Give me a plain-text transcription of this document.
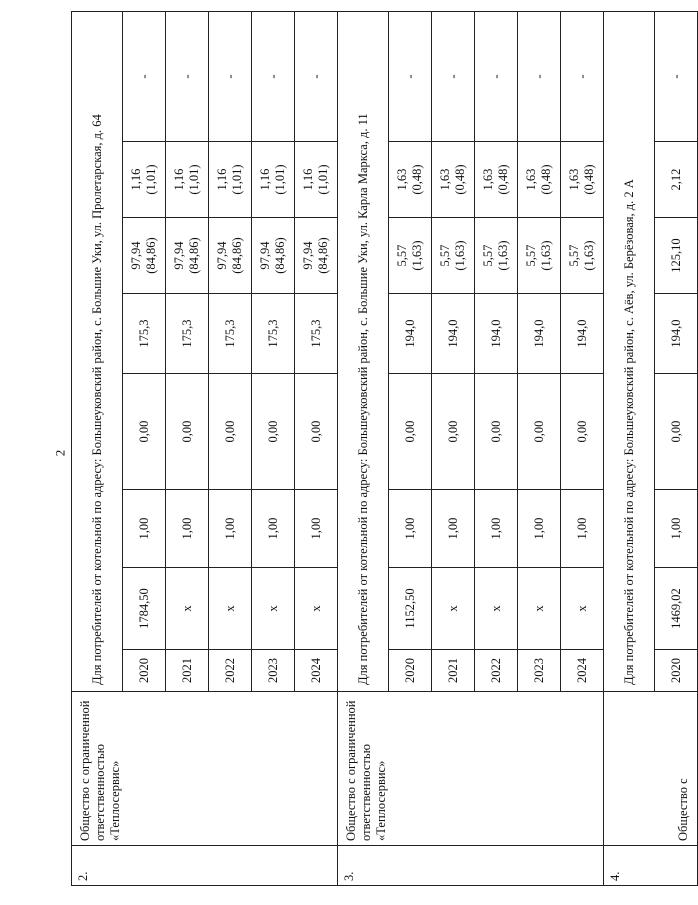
2
2.	Общество с ограниченной ответственностью «Теплосервис»	Для потребителей от котельной по адресу: Большеуковский район, с. Большие Уки, ул. Пролетарская, д. 64							
		2020	1784,50	1,00	0,00	175,3	97,94 (84,86)	1,16 (1,01)	-
		2021	x	1,00	0,00	175,3	97,94 (84,86)	1,16 (1,01)	-
		2022	x	1,00	0,00	175,3	97,94 (84,86)	1,16 (1,01)	-
		2023	x	1,00	0,00	175,3	97,94 (84,86)	1,16 (1,01)	-
		2024	x	1,00	0,00	175,3	97,94 (84,86)	1,16 (1,01)	-
3.	Общество с ограниченной ответственностью «Теплосервис»	Для потребителей от котельной по адресу: Большеуковский район, с. Большие Уки, ул. Карла Маркса, д. 11							
		2020	1152,50	1,00	0,00	194,0	5,57 (1,63)	1,63 (0,48)	-
		2021	x	1,00	0,00	194,0	5,57 (1,63)	1,63 (0,48)	-
		2022	x	1,00	0,00	194,0	5,57 (1,63)	1,63 (0,48)	-
		2023	x	1,00	0,00	194,0	5,57 (1,63)	1,63 (0,48)	-
		2024	x	1,00	0,00	194,0	5,57 (1,63)	1,63 (0,48)	-
4.	Общество с	Для потребителей от котельной по адресу: Большеуковский район, с. Аёв, ул. Берёзовая, д. 2 А							
		2020	1469,02	1,00	0,00	194,0	125,10	2,12	-
